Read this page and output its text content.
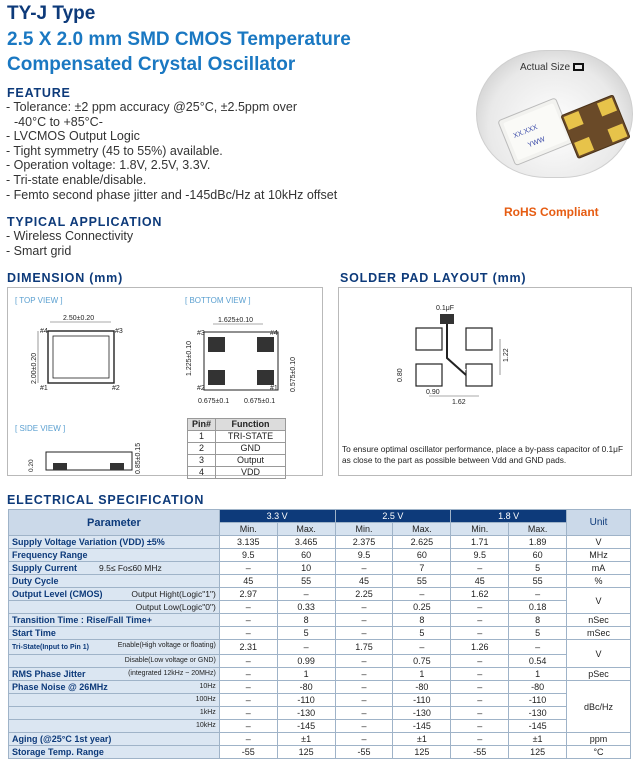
TY-J Type
2.5 X 2.0 mm SMD CMOS Temperature
Compensated Crystal Oscillator
FEATURE
- Tolerance: ±2 ppm accuracy @25°C, ±2.5ppm over
-40°C to +85°C-
- LVCMOS Output Logic
- Tight symmetry (45 to 55%) available.
- Operation voltage: 1.8V, 2.5V, 3.3V.
- Tri-state enable/disable.
- Femto second phase jitter and -145dBc/Hz at 10kHz offset
TYPICAL APPLICATION
- Wireless Connectivity
- Smart grid
Actual Size
XX.XXX
YWW
RoHS Compliant
DIMENSION (mm)
[ TOP VIEW ]	[ BOTTOM VIEW ]
[ SIDE VIEW ]
2.50±0.20
2.00±0.20
#4	#3
#1	#2
1.625±0.10
1.225±0.10	0.575±0.10
#3	#4
#2	#1
0.675±0.1 0.675±0.1
0.20	0.85±0.15
Pin#	Function
1	TRI-STATE
2	GND
3	Output
4	VDD
SOLDER PAD LAYOUT (mm)
0.1μF
1.22
0.80
1.62
0.90
To ensure optimal oscillator performance, place a by-pass capacitor of 0.1μF as close to the part as possible between Vdd and GND pads.
ELECTRICAL SPECIFICATION
Parameter	3.3 V		2.5 V		1.8 V		Unit
	Min.	Max.	Min.	Max.	Min.	Max.	
Supply Voltage Variation (VDD) ±5%	3.135	3.465	2.375	2.625	1.71	1.89	V
Frequency Range	9.5	60	9.5	60	9.5	60	MHz
Supply Current 9.5≤ Fo≤60 MHz	–	10	–	7	–	5	mA
Duty Cycle	45	55	45	55	45	55	%
Output Level (CMOS) Output Hight(Logic"1")	2.97	–	2.25	–	1.62	–	V

Output Low(Logic"0")	–	0.33	–	0.25	–	0.18	
Transition Time : Rise/Fall Time+	–	8	–	8	–	8	nSec
Start Time	–	5	–	5	–	5	mSec
Tri-State(Input to Pin 1) Enable(High voltage or floating)	2.31	–	1.75	–	1.26	–	V

Disable(Low voltage or GND)	–	0.99	–	0.75	–	0.54	
RMS Phase Jitter (integrated 12kHz ~ 20MHz)	–	1	–	1	–	1	pSec
Phase Noise @ 26MHz 10Hz	–	-80	–	-80	–	-80	dBc/Hz

100Hz	–	-110	–	-110	–	-110	

1kHz	–	-130	–	-130	–	-130	

10kHz	–	-145	–	-145	–	-145	
Aging (@25°C 1st year)	–	±1	–	±1	–	±1	ppm
Storage Temp. Range	-55	125	-55	125	-55	125	°C
